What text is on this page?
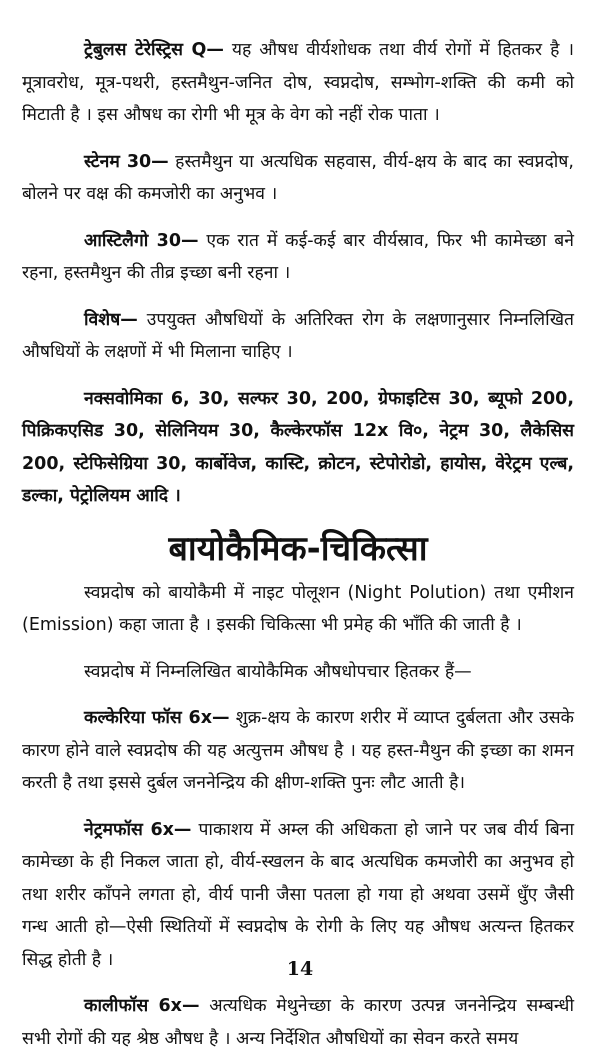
ट्रेबुलस टेरेस्ट्रिस Q— यह औषध वीर्यशोधक तथा वीर्य रोगों में हितकर है । मूत्रावरोध, मूत्र-पथरी, हस्तमैथुन-जनित दोष, स्वप्नदोष, सम्भोग-शक्ति की कमी को मिटाती है । इस औषध का रोगी भी मूत्र के वेग को नहीं रोक पाता ।

स्टेनम 30— हस्तमैथुन या अत्यधिक सहवास, वीर्य-क्षय के बाद का स्वप्नदोष, बोलने पर वक्ष की कमजोरी का अनुभव ।

आस्टिलैगो 30— एक रात में कई-कई बार वीर्यस्राव, फिर भी कामेच्छा बने रहना, हस्तमैथुन की तीव्र इच्छा बनी रहना ।

विशेष— उपयुक्त औषधियों के अतिरिक्त रोग के लक्षणानुसार निम्नलिखित औषधियों के लक्षणों में भी मिलाना चाहिए ।

नक्सवोमिका 6, 30, सल्फर 30, 200, ग्रेफाइटिस 30, ब्यूफो 200, पिक्रिकएसिड 30, सेलिनियम 30, कैल्केरफॉस 12x वि०, नेट्रम 30, लैकेसिस 200, स्टेफिसेग्रिया 30, कार्बोवेज, कास्टि, क्रोटन, स्टेपोरोडो, हायोस, वेरेट्रम एल्ब, डल्का, पेट्रोलियम आदि ।

बायोकैमिक-चिकित्सा

स्वप्नदोष को बायोकैमी में नाइट पोलूशन (Night Polution) तथा एमीशन (Emission) कहा जाता है । इसकी चिकित्सा भी प्रमेह की भाँति की जाती है ।

स्वप्नदोष में निम्नलिखित बायोकैमिक औषधोपचार हितकर हैं—

कल्केरिया फॉस 6x— शुक्र-क्षय के कारण शरीर में व्याप्त दुर्बलता और उसके कारण होने वाले स्वप्नदोष की यह अत्युत्तम औषध है । यह हस्त-मैथुन की इच्छा का शमन करती है तथा इससे दुर्बल जननेन्द्रिय की क्षीण-शक्ति पुनः लौट आती है।

नेट्रमफॉस 6x— पाकाशय में अम्ल की अधिकता हो जाने पर जब वीर्य बिना कामेच्छा के ही निकल जाता हो, वीर्य-स्खलन के बाद अत्यधिक कमजोरी का अनुभव हो तथा शरीर काँपने लगता हो, वीर्य पानी जैसा पतला हो गया हो अथवा उसमें धुँए जैसी गन्ध आती हो—ऐसी स्थितियों में स्वप्नदोष के रोगी के लिए यह औषध अत्यन्त हितकर सिद्ध होती है ।

कालीफॉस 6x— अत्यधिक मेथुनेच्छा के कारण उत्पन्न जननेन्द्रिय सम्बन्धी सभी रोगों की यह श्रेष्ठ औषध है । अन्य निर्देशित औषधियों का सेवन करते समय

14
